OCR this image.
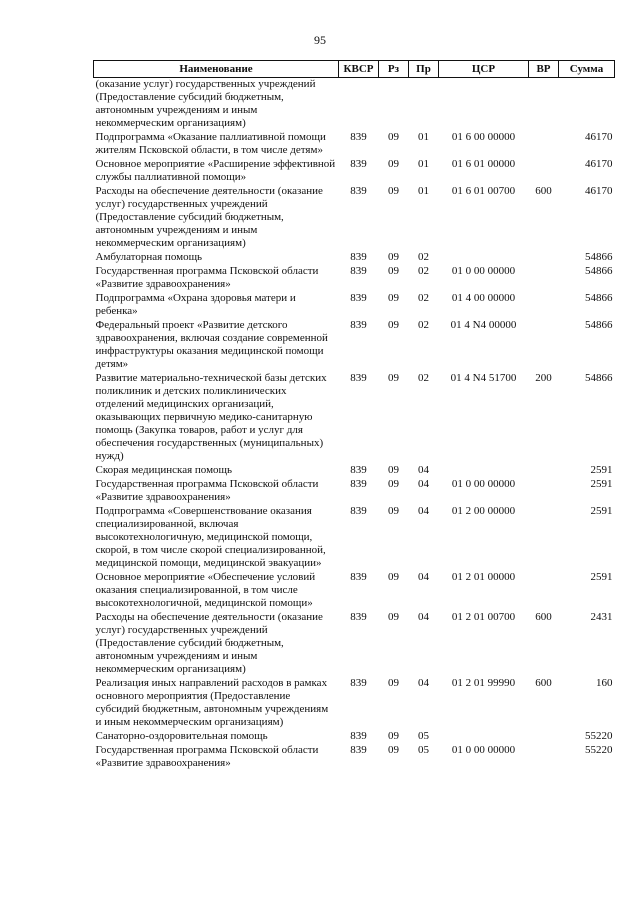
95
Наименование	КВСР	Рз	Пр	ЦСР	ВР	Сумма
(оказание услуг) государственных учреждений (Предоставление субсидий бюджетным, автономным учреждениям и иным некоммерческим организациям)						
Подпрограмма «Оказание паллиативной помощи жителям Псковской области, в том числе детям»	839	09	01	01 6 00 00000		46170
Основное мероприятие «Расширение эффективной службы паллиативной помощи»	839	09	01	01 6 01 00000		46170
Расходы на обеспечение деятельности (оказание услуг) государственных учреждений (Предоставление субсидий бюджетным, автономным учреждениям и иным некоммерческим организациям)	839	09	01	01 6 01 00700	600	46170
Амбулаторная помощь	839	09	02			54866
Государственная программа Псковской области «Развитие здравоохранения»	839	09	02	01 0 00 00000		54866
Подпрограмма «Охрана здоровья матери и ребенка»	839	09	02	01 4 00 00000		54866
Федеральный проект «Развитие детского здравоохранения, включая создание современной инфраструктуры оказания медицинской помощи детям»	839	09	02	01 4 N4 00000		54866
Развитие материально-технической базы детских поликлиник и детских поликлинических отделений медицинских организаций, оказывающих первичную медико-санитарную помощь (Закупка товаров, работ и услуг для обеспечения государственных (муниципальных) нужд)	839	09	02	01 4 N4 51700	200	54866
Скорая медицинская помощь	839	09	04			2591
Государственная программа Псковской области «Развитие здравоохранения»	839	09	04	01 0 00 00000		2591
Подпрограмма «Совершенствование оказания специализированной, включая высокотехнологичную, медицинской помощи, скорой, в том числе скорой специализированной, медицинской помощи, медицинской эвакуации»	839	09	04	01 2 00 00000		2591
Основное мероприятие «Обеспечение условий оказания специализированной, в том числе высокотехнологичной, медицинской помощи»	839	09	04	01 2 01 00000		2591
Расходы на обеспечение деятельности (оказание услуг) государственных учреждений (Предоставление субсидий бюджетным, автономным учреждениям и иным некоммерческим организациям)	839	09	04	01 2 01 00700	600	2431
Реализация иных направлений расходов в рамках основного мероприятия (Предоставление субсидий бюджетным, автономным учреждениям и иным некоммерческим организациям)	839	09	04	01 2 01 99990	600	160
Санаторно-оздоровительная помощь	839	09	05			55220
Государственная программа Псковской области «Развитие здравоохранения»	839	09	05	01 0 00 00000		55220
